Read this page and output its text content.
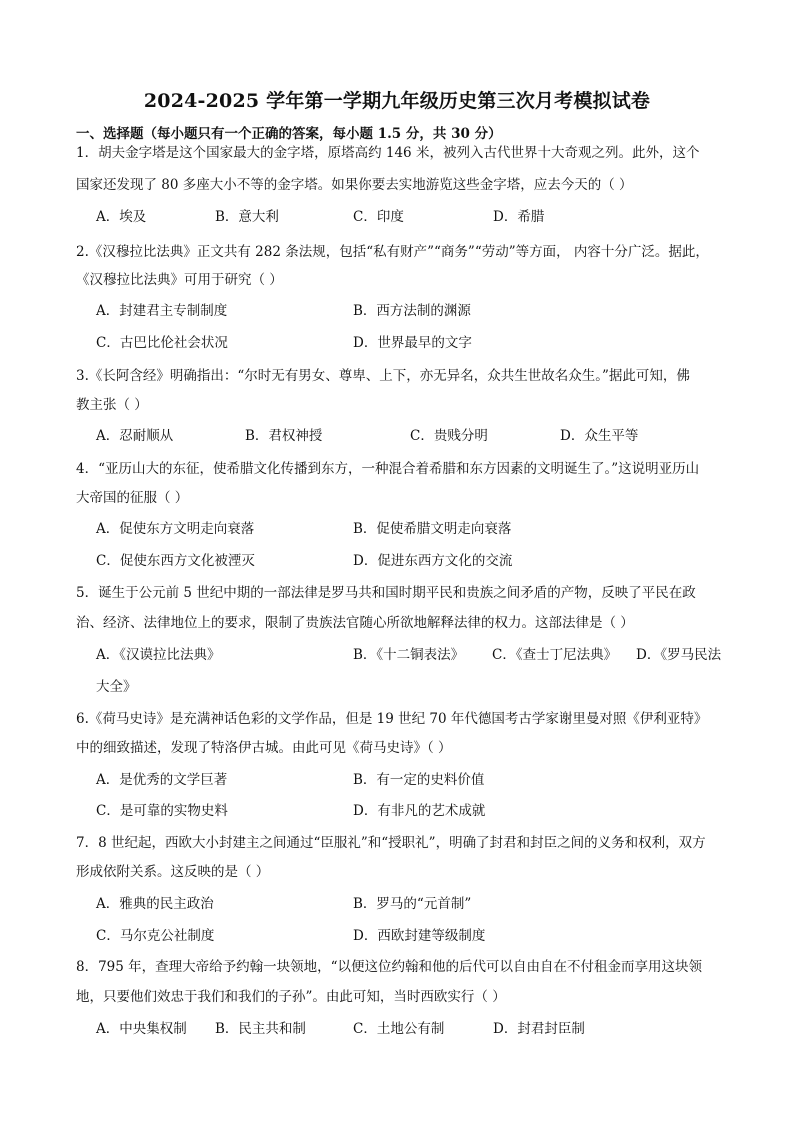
2024-2025 学年第一学期九年级历史第三次月考模拟试卷
一、选择题（每小题只有一个正确的答案，每小题 1.5 分，共 30 分）
1．胡夫金字塔是这个国家最大的金字塔，原塔高约 146 米，被列入古代世界十大奇观之列。此外，这个
国家还发现了 80 多座大小不等的金字塔。如果你要去实地游览这些金字塔，应去今天的（ ）
A．埃及	B．意大利	C．印度	D．希腊
2.《汉穆拉比法典》正文共有 282 条法规，包括“私有财产”“商务”“劳动”等方面， 内容十分广泛。据此，
《汉穆拉比法典》可用于研究（ ）
A．封建君主专制制度	B．西方法制的渊源
C．古巴比伦社会状况	D．世界最早的文字
3.《长阿含经》明确指出：“尔时无有男女、尊卑、上下，亦无异名，众共生世故名众生。”据此可知，佛
教主张（ ）
A．忍耐顺从	B．君权神授	C．贵贱分明	D．众生平等
4．“亚历山大的东征，使希腊文化传播到东方，一种混合着希腊和东方因素的文明诞生了。”这说明亚历山
大帝国的征服（ ）
A．促使东方文明走向衰落	B．促使希腊文明走向衰落
C．促使东西方文化被湮灭	D．促进东西方文化的交流
5．诞生于公元前 5 世纪中期的一部法律是罗马共和国时期平民和贵族之间矛盾的产物，反映了平民在政
治、经济、法律地位上的要求，限制了贵族法官随心所欲地解释法律的权力。这部法律是（ ）
A．《汉谟拉比法典》	B．《十二铜表法》 C．《查士丁尼法典》 D．《罗马民法
大全》
6.《荷马史诗》是充满神话色彩的文学作品，但是 19 世纪 70 年代德国考古学家谢里曼对照《伊利亚特》
中的细致描述，发现了特洛伊古城。由此可见《荷马史诗》（ ）
A．是优秀的文学巨著	B．有一定的史料价值
C．是可靠的实物史料	D．有非凡的艺术成就
7．8 世纪起，西欧大小封建主之间通过“臣服礼”和“授职礼”，明确了封君和封臣之间的义务和权利，双方
形成依附关系。这反映的是（ ）
A．雅典的民主政治	B．罗马的“元首制”
C．马尔克公社制度	D．西欧封建等级制度
8．795 年，查理大帝给予约翰一块领地，“以便这位约翰和他的后代可以自由自在不付租金而享用这块领
地，只要他们效忠于我们和我们的子孙”。由此可知，当时西欧实行（ ）
A．中央集权制 B．民主共和制	C．土地公有制	D．封君封臣制
